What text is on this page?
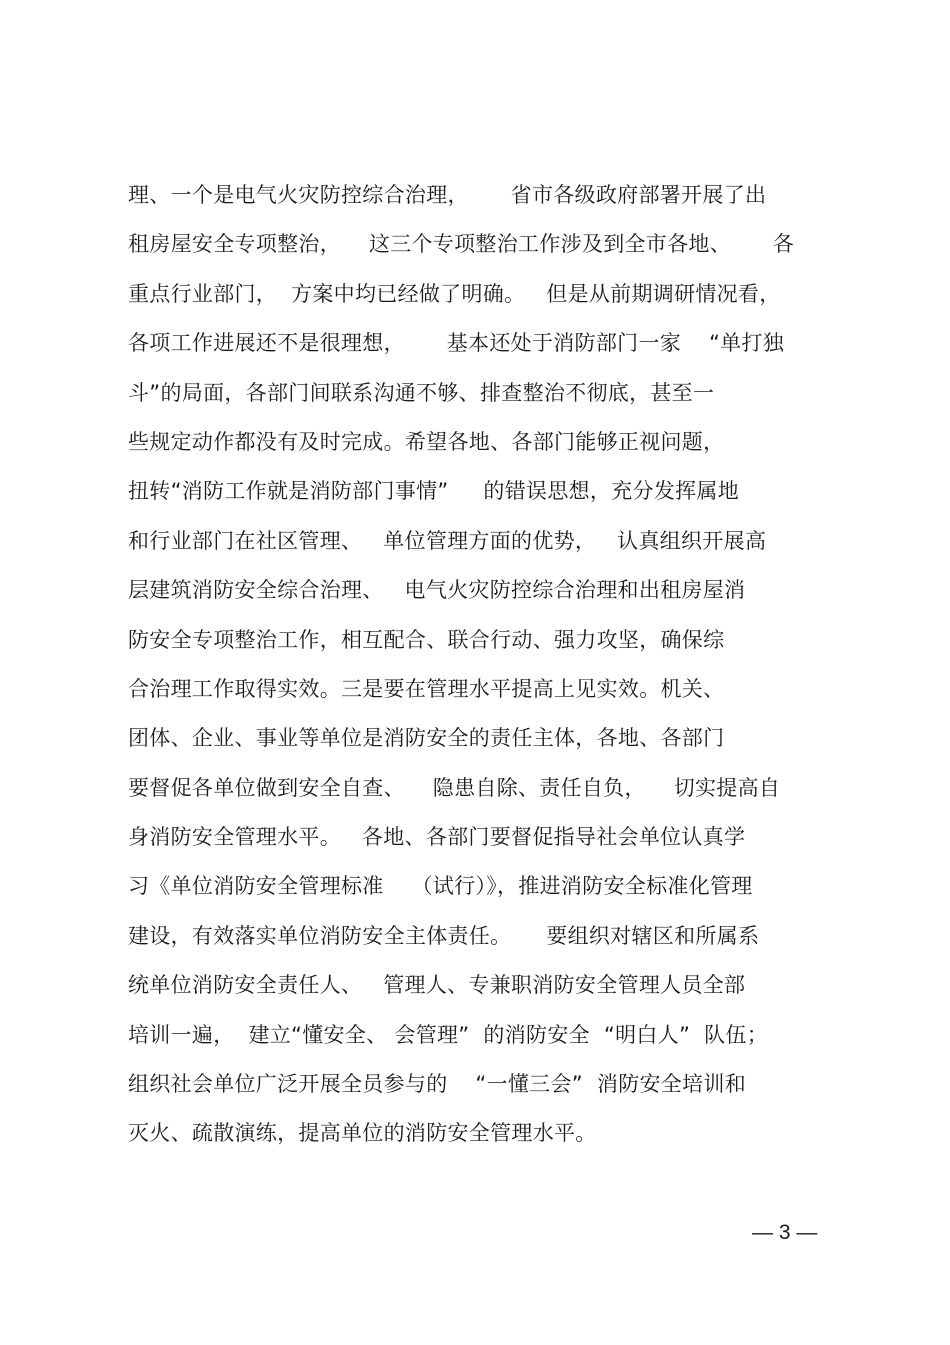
理、一个是电气火灾防控综合治理，      省市各级政府部署开展了出
租房屋安全专项整治，    这三个专项整治工作涉及到全市各地、      各
重点行业部门，  方案中均已经做了明确。   但是从前期调研情况看，
各项工作进展还不是很理想，      基本还处于消防部门一家    “单打独
斗”的局面，各部门间联系沟通不够、排查整治不彻底，甚至一
些规定动作都没有及时完成。希望各地、各部门能够正视问题，
扭转“消防工作就是消防部门事情”     的错误思想，充分发挥属地
和行业部门在社区管理、   单位管理方面的优势，   认真组织开展高
层建筑消防安全综合治理、   电气火灾防控综合治理和出租房屋消
防安全专项整治工作，相互配合、联合行动、强力攻坚，确保综
合治理工作取得实效。三是要在管理水平提高上见实效。机关、
团体、企业、事业等单位是消防安全的责任主体，各地、各部门
要督促各单位做到安全自查、    隐患自除、责任自负，    切实提高自
身消防安全管理水平。   各地、各部门要督促指导社会单位认真学
习《单位消防安全管理标准    （试行）》，推进消防安全标准化管理
建设，有效落实单位消防安全主体责任。     要组织对辖区和所属系
统单位消防安全责任人、   管理人、专兼职消防安全管理人员全部
培训一遍，  建立“懂安全、 会管理”  的消防安全  “明白人”  队伍；
组织社会单位广泛开展全员参与的    “一懂三会”  消防安全培训和
灭火、疏散演练，提高单位的消防安全管理水平。
— 3 —
